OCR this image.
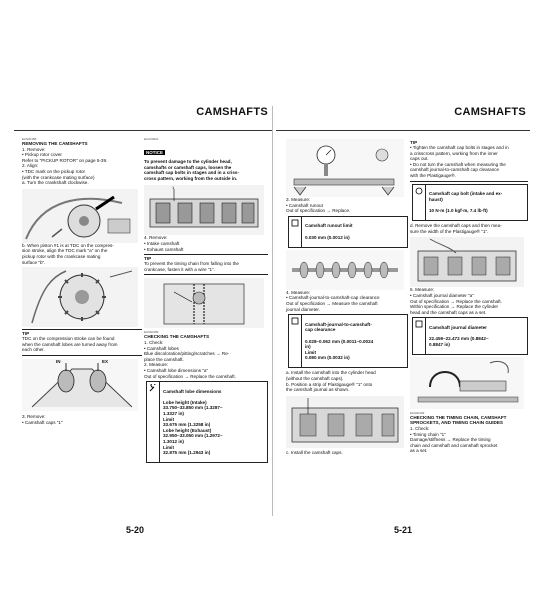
CAMSHAFTS
EAS00186
REMOVING THE CAMSHAFTS
1. Remove:
• Pickup rotor cover
Refer to "PICKUP ROTOR" on page 5-39.
2. Align:
• TDC mark on the pickup rotor
(with the crankcase mating surface)
a. Turn the crankshaft clockwise.
b. When piston #1 is at TDC on the compres-
sion stroke, align the TDC mark "a" on the
pickup rotor with the crankcase mating
surface "b".
TIP
TDC on the compression stroke can be found
when the camshaft lobes are turned away from
each other.
IN	EX
3. Remove:
• Camshaft caps "1"
ECA00001
NOTICE
To prevent damage to the cylinder head,
camshafts or camshaft caps, loosen the
camshaft cap bolts in stages and in a criss-
cross pattern, working from the outside in.
1
4. Remove:
• Intake camshaft
• Exhaust camshaft
TIP
To prevent the timing chain from falling into the
crankcase, fasten it with a wire "1".
EAS00189
CHECKING THE CAMSHAFTS
1. Check:
• Camshaft lobes
Blue discoloration/pitting/scratches → Re-
place the camshaft.
2. Measure:
• Camshaft lobe dimensions "a"
Out of specification → Replace the camshaft.

Camshaft lobe dimensions

Lobe height (Intake)
33.750–33.850 mm (1.3287–
1.3327 in)
Limit
33.675 mm (1.3258 in)
Lobe height (Exhaust)
32.950–33.050 mm (1.2972–
1.3012 in)
Limit
32.875 mm (1.2943 in)

5-20
CAMSHAFTS
3. Measure:
• Camshaft runout
Out of specification → Replace.

Camshaft runout limit

0.030 mm (0.0012 in)

4. Measure:
• Camshaft-journal-to-camshaft-cap clearance
Out of specification → Measure the camshaft
journal diameter.

Camshaft-journal-to-camshaft-
cap clearance

0.028–0.062 mm (0.0011–0.0024
in)
Limit
0.080 mm (0.0032 in)

a. Install the camshaft into the cylinder head
(without the camshaft caps).
b. Position a strip of Plastigauge® "1" onto
the camshaft journal as shown.
c. Install the camshaft caps.
TIP
• Tighten the camshaft cap bolts in stages and in
a crisscross pattern, working from the inner
caps out.
• Do not turn the camshaft when measuring the
camshaft journal-to-camshaft cap clearance
with the Plastigauge®.

Camshaft cap bolt (intake and ex-
haust)

10 N·m (1.0 kgf·m, 7.4 lb·ft)

d. Remove the camshaft caps and then mea-
sure the width of the Plastigauge® "1".
5. Measure:
• Camshaft journal diameter "a"
Out of specification → Replace the camshaft.
Within specification → Replace the cylinder
head and the camshaft caps as a set.

Camshaft journal diameter

22.459–22.472 mm (0.8842–
0.8847 in)

EAS00199
CHECKING THE TIMING CHAIN, CAMSHAFT
SPROCKETS, AND TIMING CHAIN GUIDES
1. Check:
• Timing chain "1"
Damage/stiffness → Replace the timing
chain and camshaft and camshaft sprocket
as a set.
5-21
